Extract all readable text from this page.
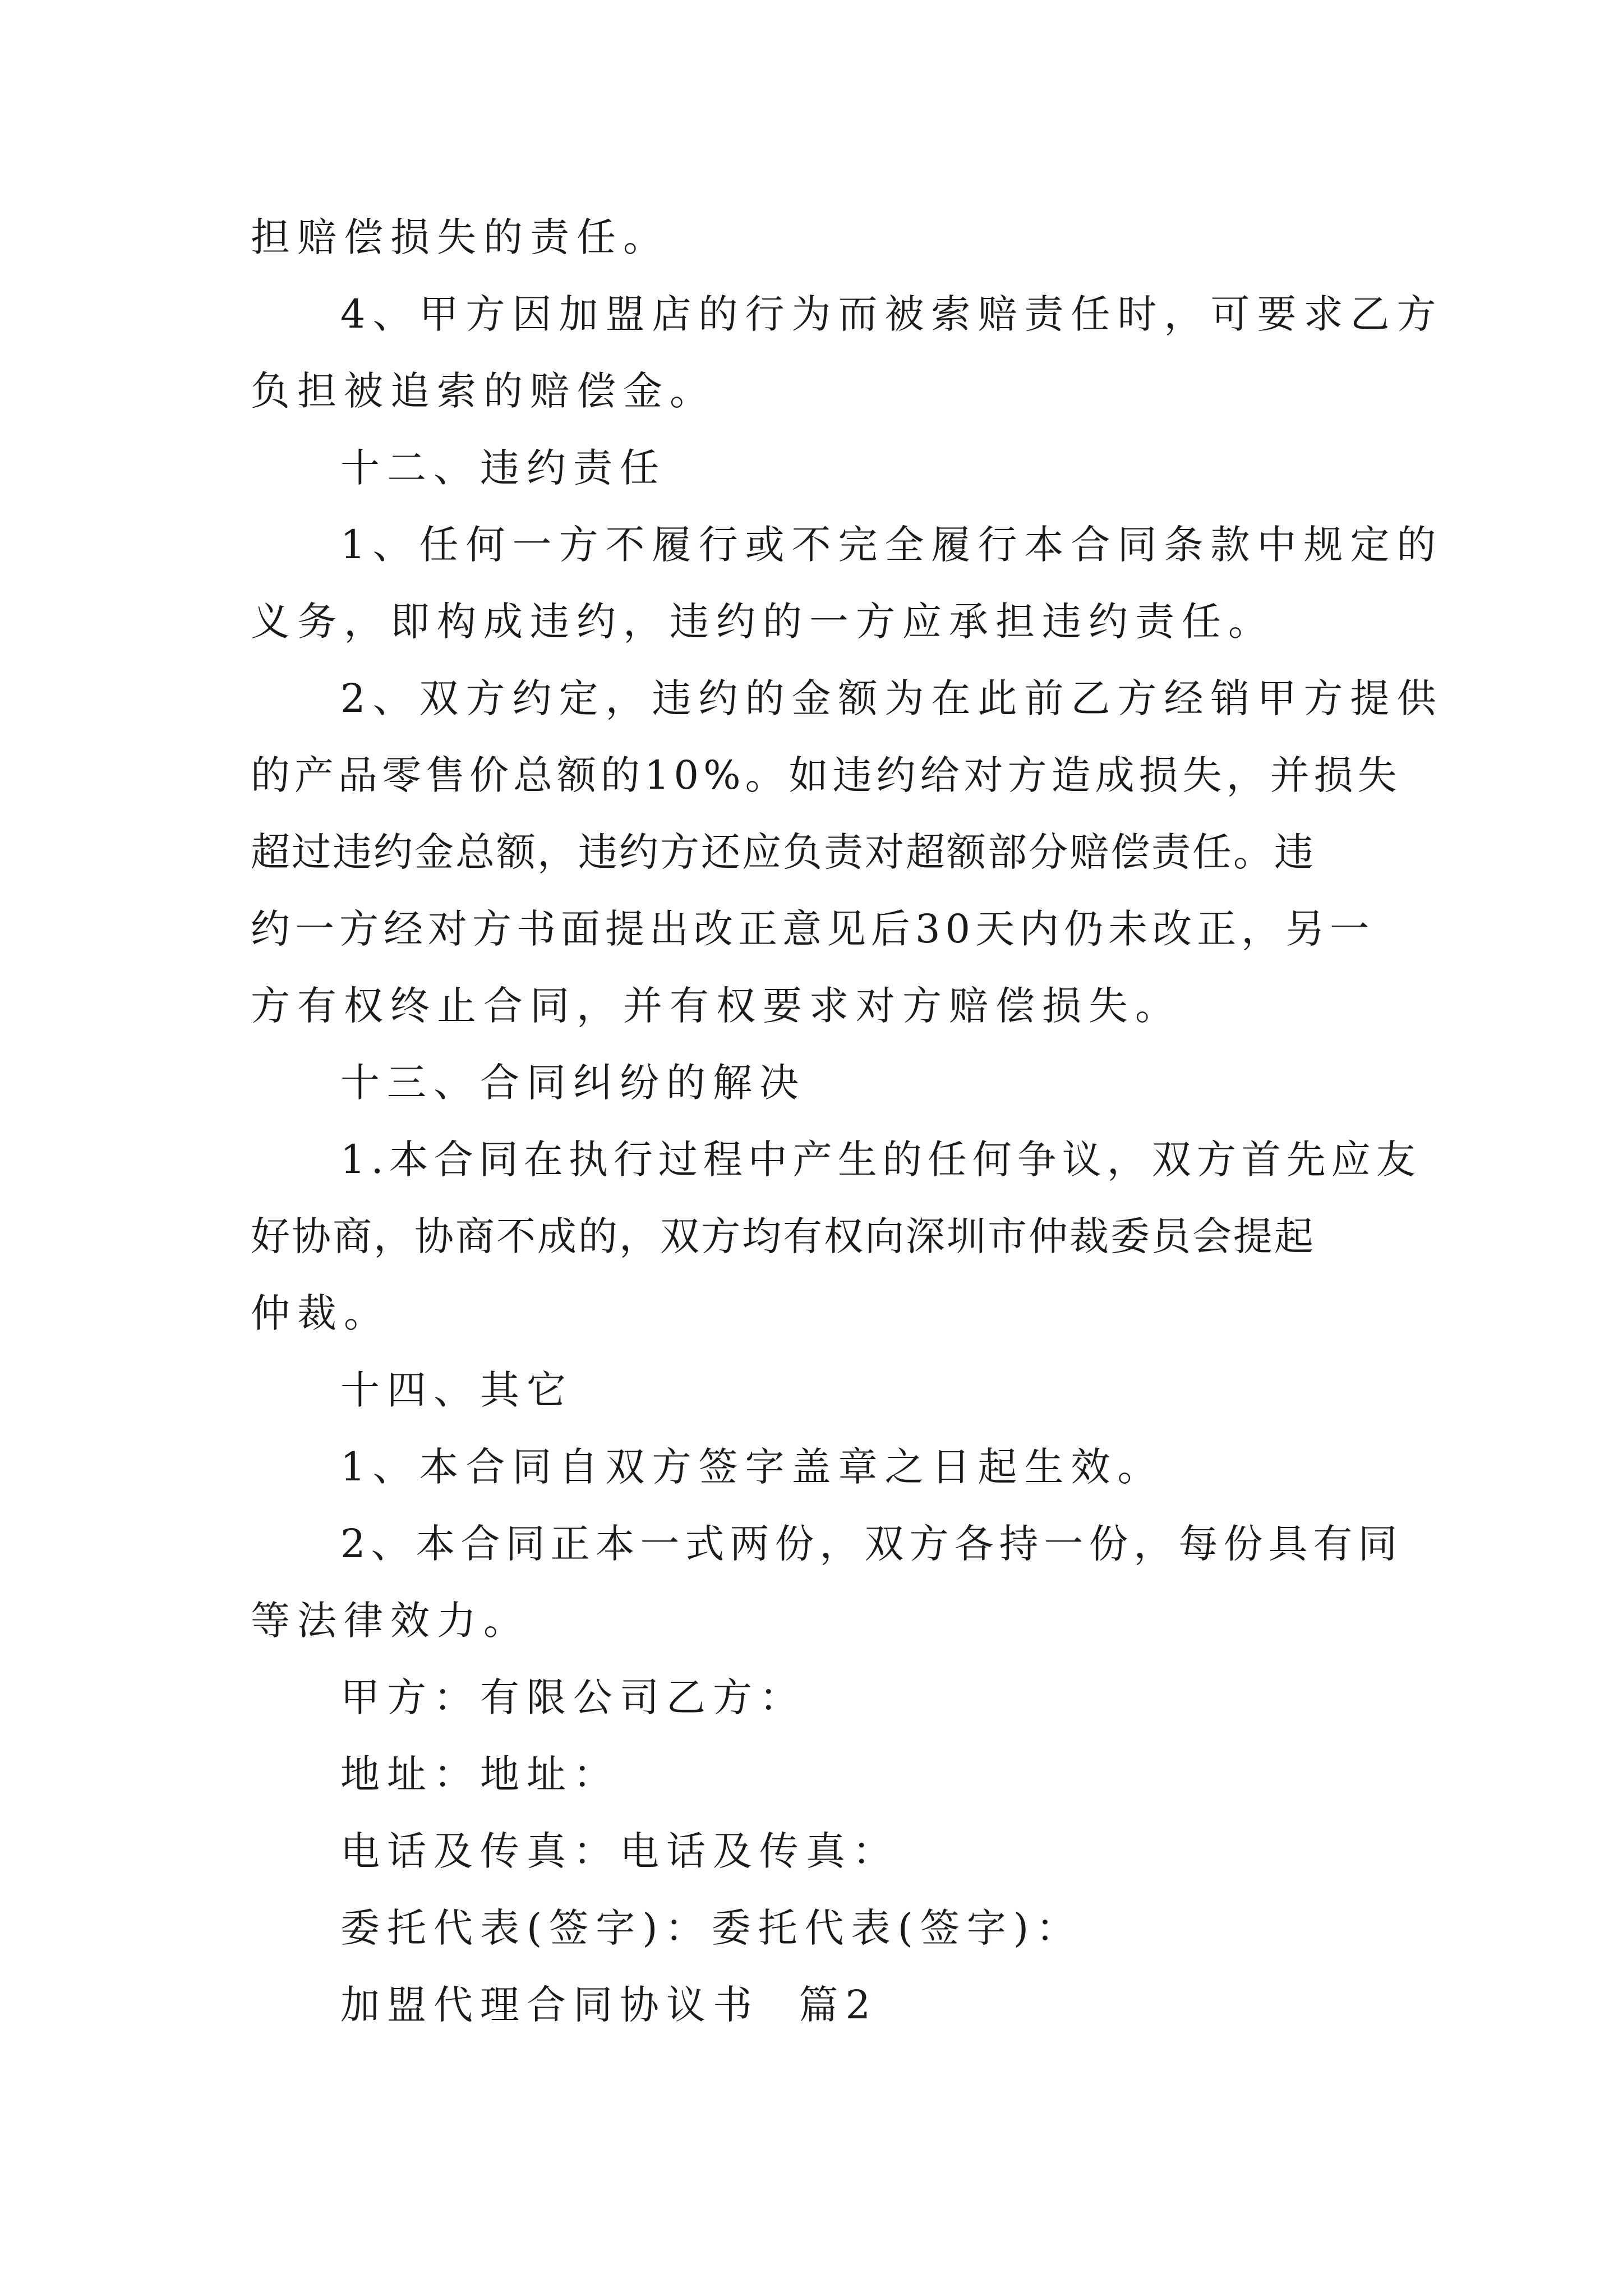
担赔偿损失的责任。
4、甲方因加盟店的行为而被索赔责任时，可要求乙方
负担被追索的赔偿金。
十二、违约责任
1、任何一方不履行或不完全履行本合同条款中规定的
义务，即构成违约，违约的一方应承担违约责任。
2、双方约定，违约的金额为在此前乙方经销甲方提供
的产品零售价总额的10%。如违约给对方造成损失，并损失
超过违约金总额，违约方还应负责对超额部分赔偿责任。违
约一方经对方书面提出改正意见后30天内仍未改正，另一
方有权终止合同，并有权要求对方赔偿损失。
十三、合同纠纷的解决
1.本合同在执行过程中产生的任何争议，双方首先应友
好协商，协商不成的，双方均有权向深圳市仲裁委员会提起
仲裁。
十四、其它
1、本合同自双方签字盖章之日起生效。
2、本合同正本一式两份，双方各持一份，每份具有同
等法律效力。
甲方：有限公司乙方：
地址：地址：
电话及传真：电话及传真：
委托代表(签字)：委托代表(签字)：
加盟代理合同协议书  篇2
